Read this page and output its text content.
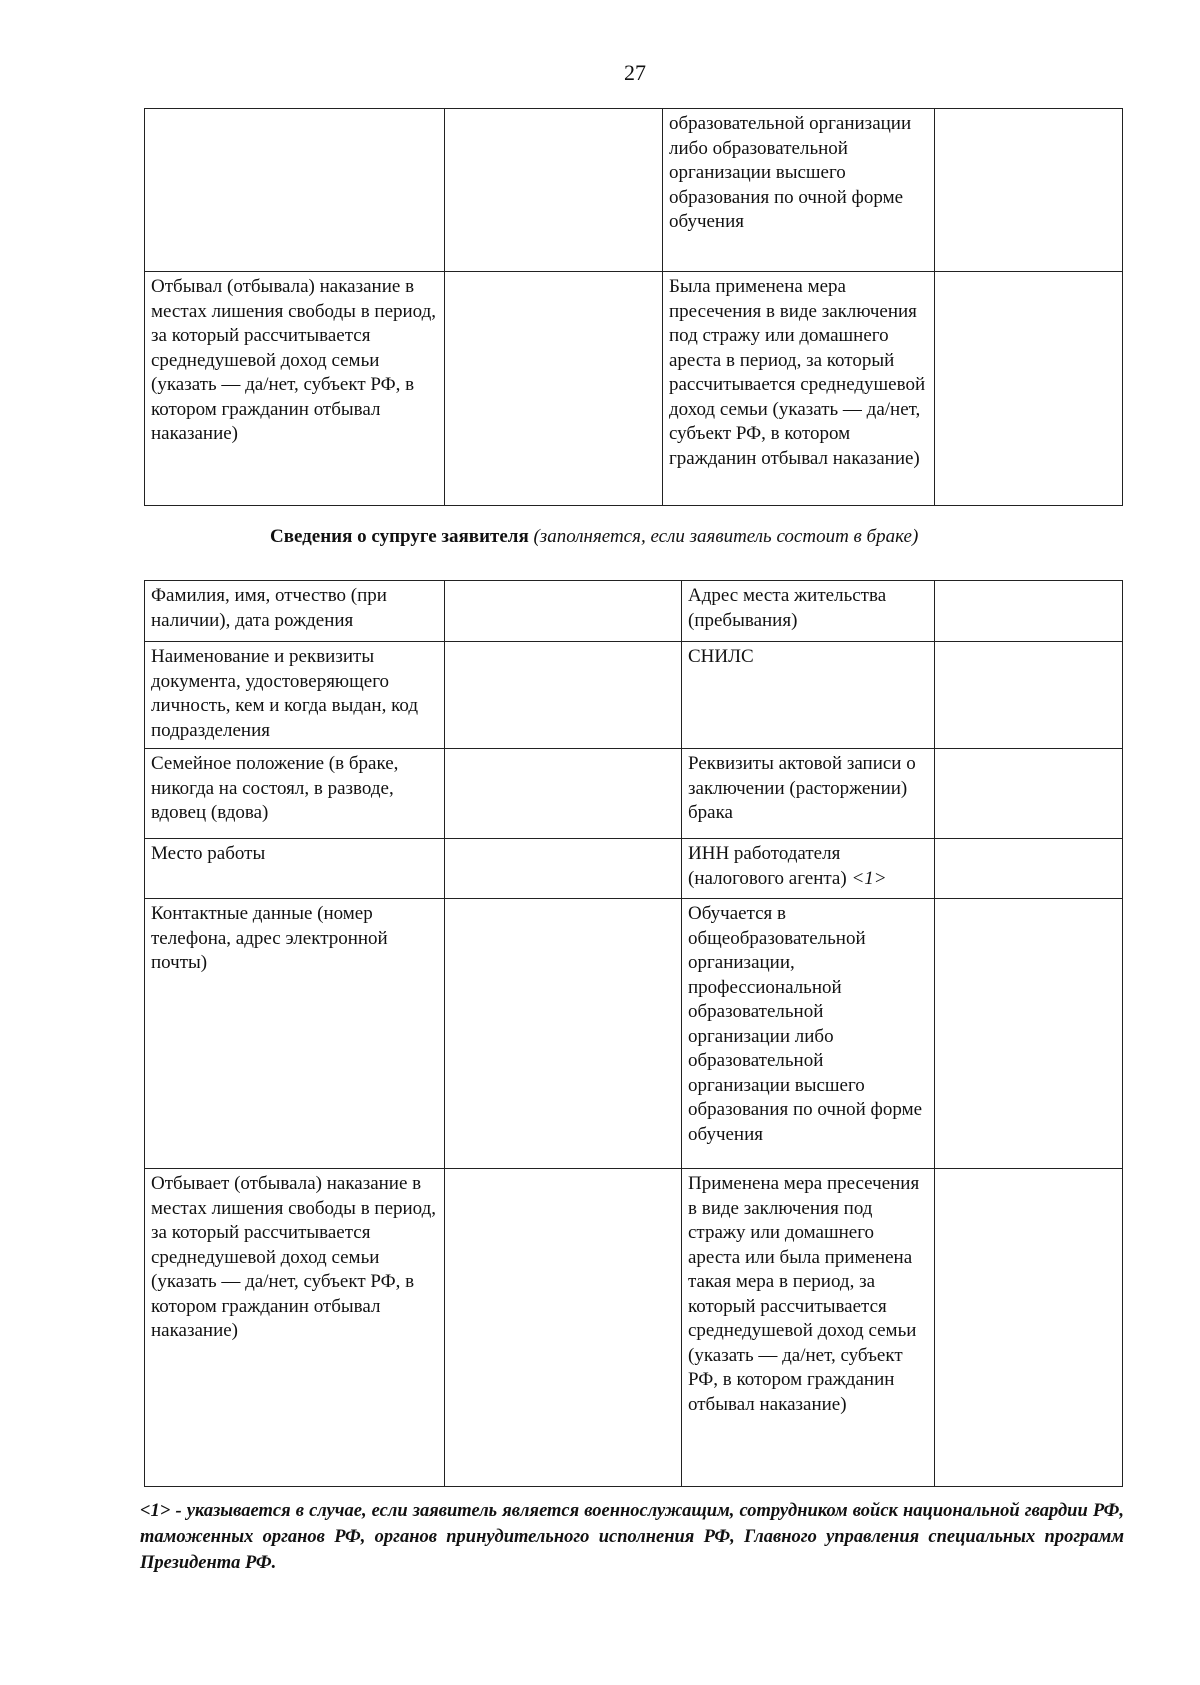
27
		образовательной организации либо образовательной организации высшего образования по очной форме обучения	
Отбывал (отбывала) наказание в местах лишения свободы в период, за который рассчитывается среднедушевой доход семьи (указать — да/нет, субъект РФ, в котором гражданин отбывал наказание)		Была применена мера пресечения в виде заключения под стражу или домашнего ареста в период, за который рассчитывается среднедушевой доход семьи (указать — да/нет, субъект РФ, в котором гражданин отбывал наказание)	
Сведения о супруге заявителя (заполняется, если заявитель состоит в браке)
Фамилия, имя, отчество (при наличии), дата рождения		Адрес места жительства (пребывания)	
Наименование и реквизиты документа, удостоверяющего личность, кем и когда выдан, код подразделения		СНИЛС	
Семейное положение (в браке, никогда на состоял, в разводе, вдовец (вдова)		Реквизиты актовой записи о заключении (расторжении) брака	
Место работы		ИНН работодателя (налогового агента) <1>	
Контактные данные (номер телефона, адрес электронной почты)		Обучается в общеобразовательной организации, профессиональной образовательной организации либо образовательной организации высшего образования по очной форме обучения	
Отбывает (отбывала) наказание в местах лишения свободы в период, за который рассчитывается среднедушевой доход семьи (указать — да/нет, субъект РФ, в котором гражданин отбывал наказание)		Применена мера пресечения в виде заключения под стражу или домашнего ареста или была применена такая мера в период, за который рассчитывается среднедушевой доход семьи (указать — да/нет, субъект РФ, в котором гражданин отбывал наказание)	
<1> - указывается в случае, если заявитель является военнослужащим, сотрудником войск национальной гвардии РФ, таможенных органов РФ, органов принудительного исполнения РФ, Главного управления специальных программ Президента РФ.
